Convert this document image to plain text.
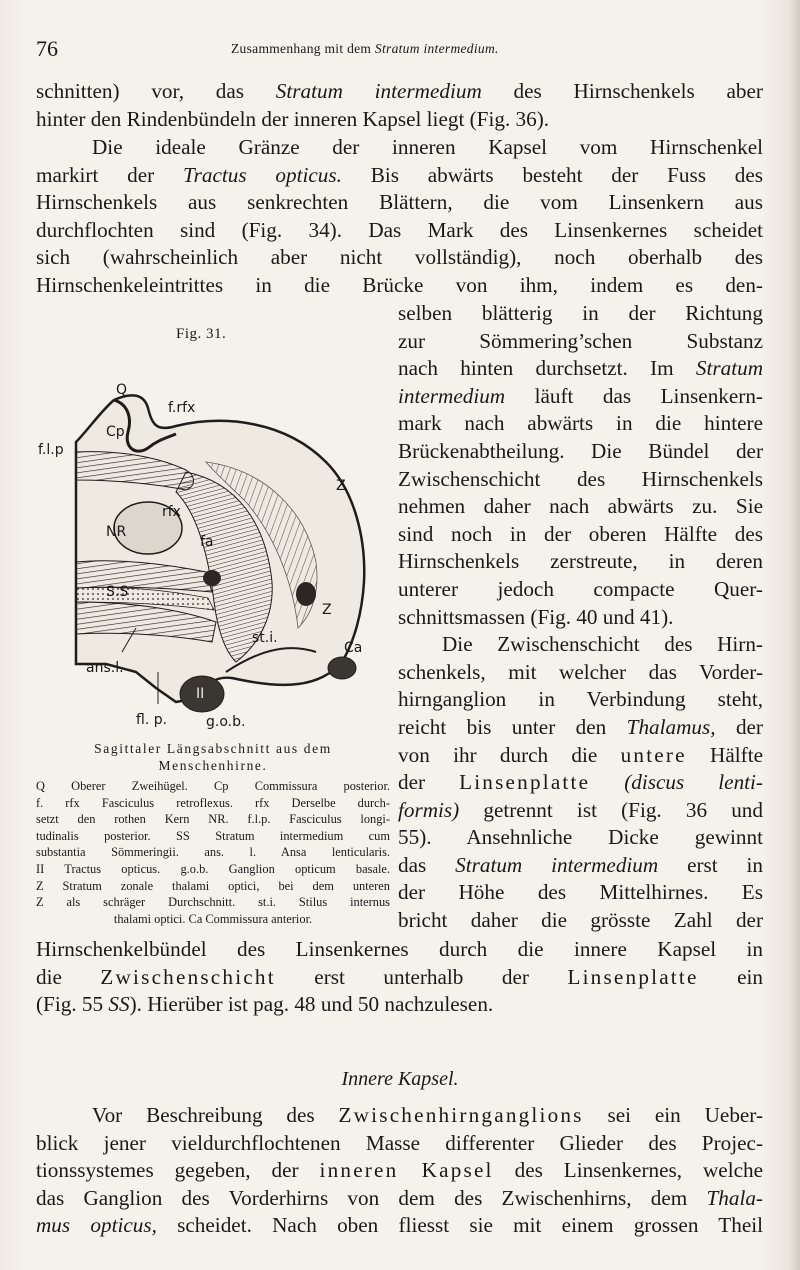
76	Zusammenhang mit dem Stratum intermedium.
schnitten) vor, das Stratum intermedium des Hirnschenkels aber
hinter den Rindenbündeln der inneren Kapsel liegt (Fig. 36).
Die ideale Gränze der inneren Kapsel vom Hirnschenkel
markirt der Tractus opticus. Bis abwärts besteht der Fuss des
Hirnschenkels aus senkrechten Blättern, die vom Linsenkern aus
durchflochten sind (Fig. 34). Das Mark des Linsenkernes scheidet
sich (wahrscheinlich aber nicht vollständig), noch oberhalb des
Hirnschenkeleintrittes in die Brücke von ihm, indem es den-
selben blätterig in der Richtung
zur Sömmering’schen Substanz
nach hinten durchsetzt. Im Stratum
intermedium läuft das Linsenkern-
mark nach abwärts in die hintere
Brückenabtheilung. Die Bündel der
Zwischenschicht des Hirnschenkels
nehmen daher nach abwärts zu. Sie
sind noch in der oberen Hälfte des
Hirnschenkels zerstreute, in deren
unterer jedoch compacte Quer-
schnittsmassen (Fig. 40 und 41).
Die Zwischenschicht des Hirn-
schenkels, mit welcher das Vorder-
hirnganglion in Verbindung steht,
reicht bis unter den Thalamus, der
von ihr durch die untere Hälfte
der Linsenplatte (discus lenti-
formis) getrennt ist (Fig. 36 und
55). Ansehnliche Dicke gewinnt
das Stratum intermedium erst in
der Höhe des Mittelhirnes. Es
bricht daher die grösste Zahl der
Fig. 31.
Q
f.rfx
Cp
f.l.p
Z
rfx
NR
fa
S.S
Z
st.i.
Ca
ans.l.
II
fl. p.	g.o.b.
Sagittaler Längsabschnitt aus dem
Menschenhirne.
Q Oberer Zweihügel. Cp Commissura posterior.
f. rfx Fasciculus retroflexus. rfx Derselbe durch-
setzt den rothen Kern NR. f.l.p. Fasciculus longi-
tudinalis posterior. SS Stratum intermedium cum
substantia Sömmeringii. ans. l. Ansa lenticularis.
II Tractus opticus. g.o.b. Ganglion opticum basale.
Z Stratum zonale thalami optici, bei dem unteren
Z als schräger Durchschnitt. st.i. Stilus internus
thalami optici. Ca Commissura anterior.
Hirnschenkelbündel des Linsenkernes durch die innere Kapsel in
die Zwischenschicht erst unterhalb der Linsenplatte ein
(Fig. 55 SS). Hierüber ist pag. 48 und 50 nachzulesen.
Innere Kapsel.
Vor Beschreibung des Zwischenhirnganglions sei ein Ueber-
blick jener vieldurchflochtenen Masse differenter Glieder des Projec-
tionssystemes gegeben, der inneren Kapsel des Linsenkernes, welche
das Ganglion des Vorderhirns von dem des Zwischenhirns, dem Thala-
mus opticus, scheidet. Nach oben fliesst sie mit einem grossen Theil
